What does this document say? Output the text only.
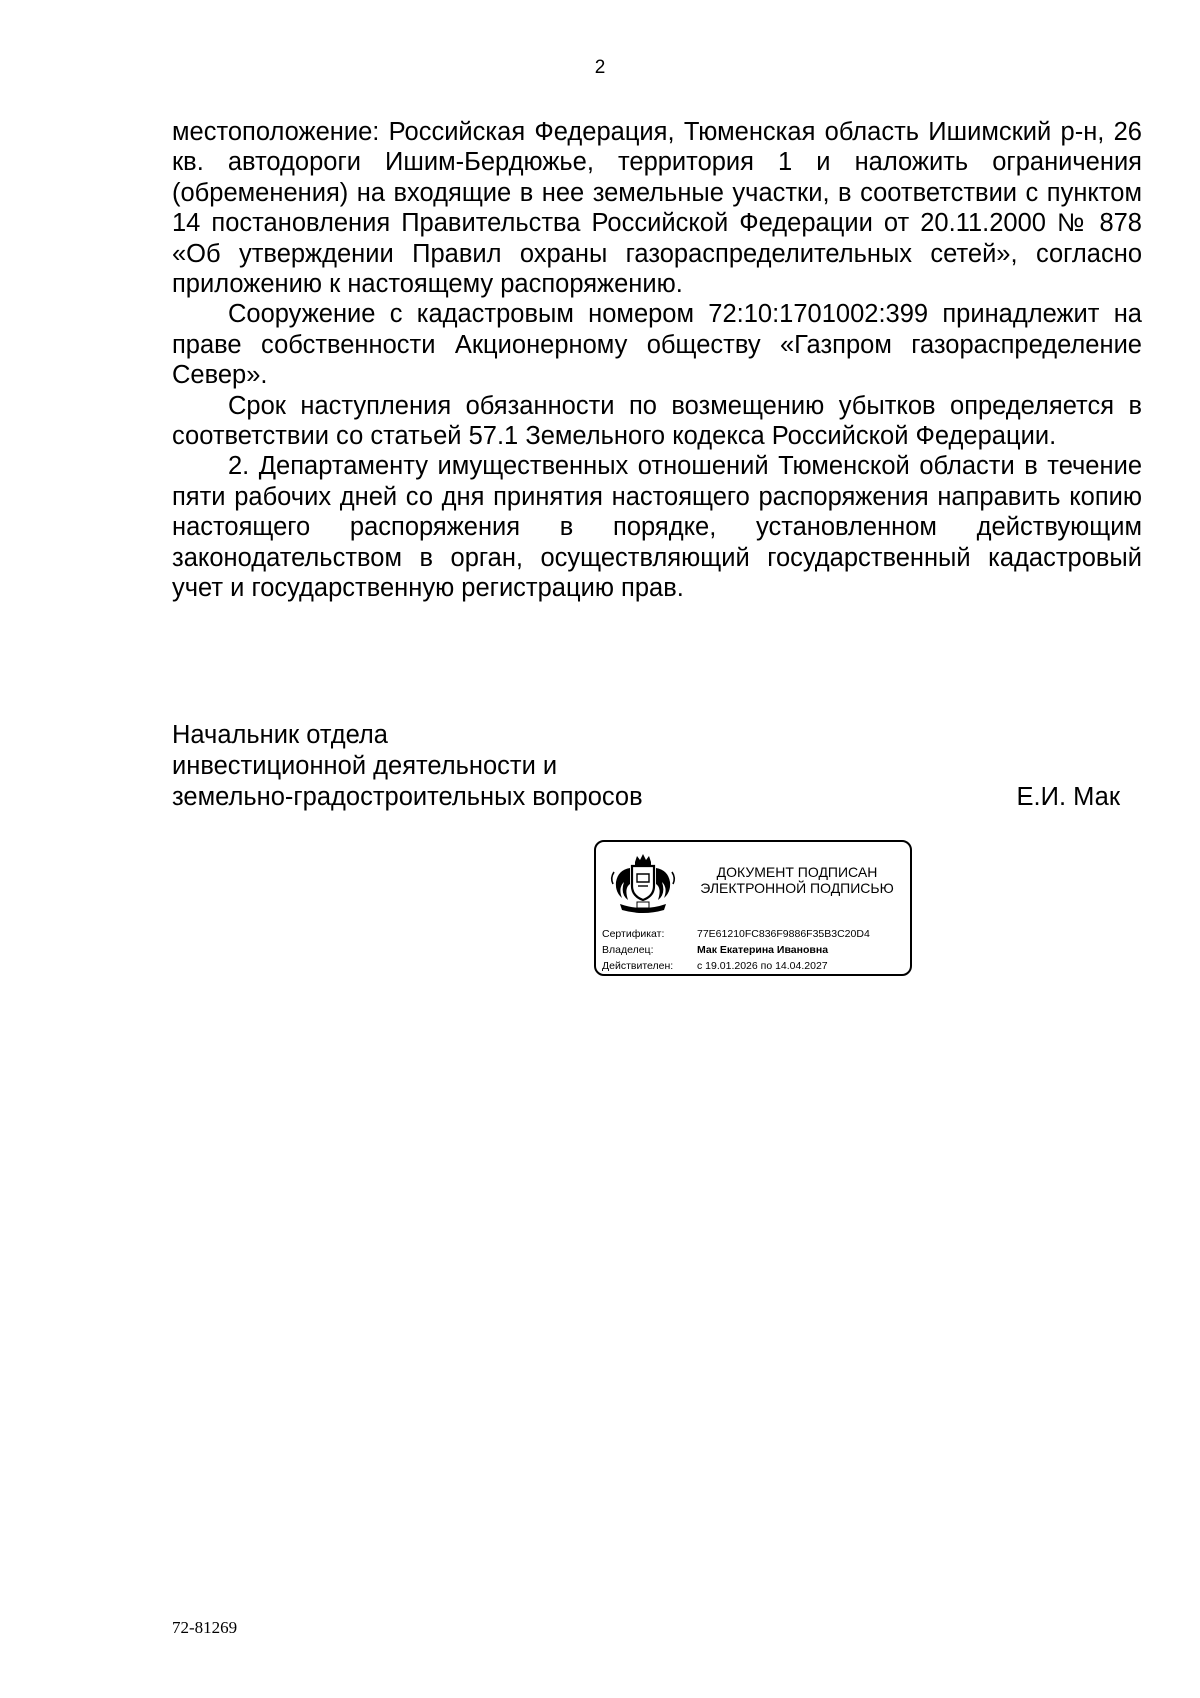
2

местоположение: Российская Федерация, Тюменская область Ишимский р-н, 26 кв. автодороги Ишим-Бердюжье, территория 1 и наложить ограничения (обременения) на входящие в нее земельные участки, в соответствии с пунктом 14 постановления Правительства Российской Федерации от 20.11.2000 № 878 «Об утверждении Правил охраны газораспределительных сетей», согласно приложению к настоящему распоряжению.

Сооружение с кадастровым номером 72:10:1701002:399 принадлежит на праве собственности Акционерному обществу «Газпром газораспределение Север».

Срок наступления обязанности по возмещению убытков определяется в соответствии со статьей 57.1 Земельного кодекса Российской Федерации.

2. Департаменту имущественных отношений Тюменской области в течение пяти рабочих дней со дня принятия настоящего распоряжения направить копию настоящего распоряжения в порядке, установленном действующим законодательством в орган, осуществляющий государственный кадастровый учет и государственную регистрацию прав.

Начальник отдела
инвестиционной деятельности и
земельно-градостроительных вопросов	Е.И. Мак
ДОКУМЕНТ ПОДПИСАН
ЭЛЕКТРОННОЙ ПОДПИСЬЮ
Сертификат:	77E61210FC836F9886F35B3C20D4
Владелец:	Мак Екатерина Ивановна
Действителен:	с 19.01.2026 по 14.04.2027
72-81269
